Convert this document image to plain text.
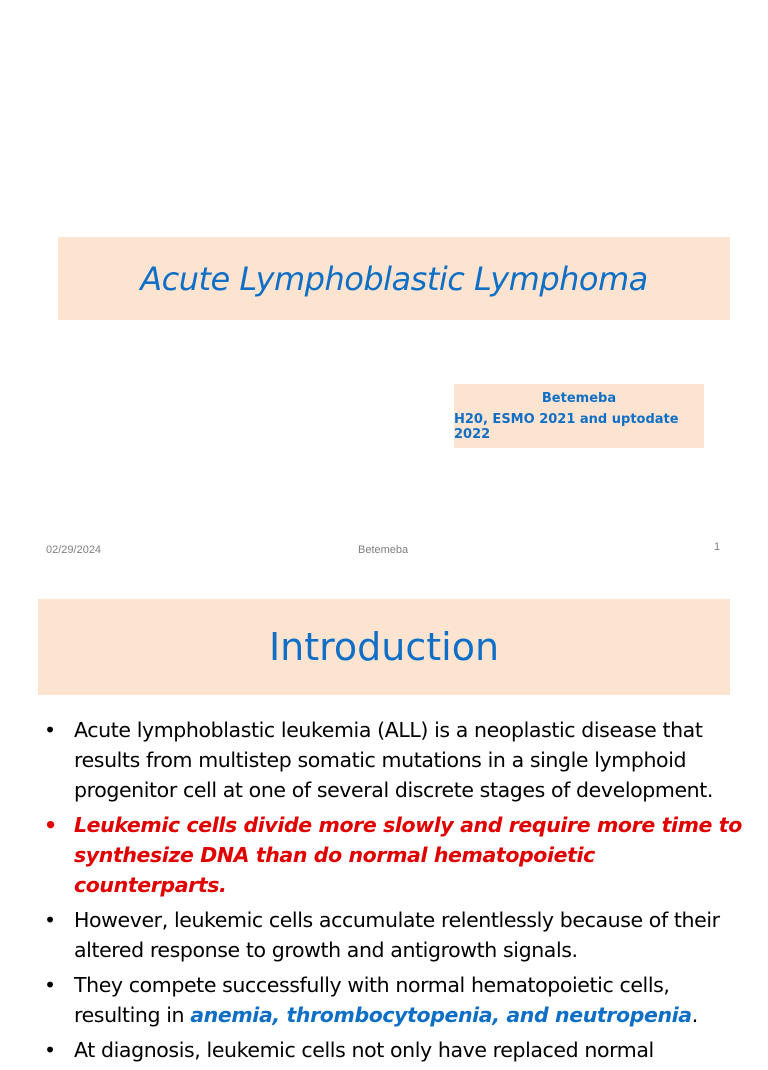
Acute Lymphoblastic Lymphoma
Betemeba
H20, ESMO 2021 and uptodate 2022
02/29/2024	Betemeba	1
Introduction
• Acute lymphoblastic leukemia (ALL) is a neoplastic disease that results from multistep somatic mutations in a single lymphoid progenitor cell at one of several discrete stages of development.
• Leukemic cells divide more slowly and require more time to synthesize DNA than do normal hematopoietic counterparts.
• However, leukemic cells accumulate relentlessly because of their altered response to growth and antigrowth signals.
• They compete successfully with normal hematopoietic cells, resulting in anemia, thrombocytopenia, and neutropenia.
• At diagnosis, leukemic cells not only have replaced normal
